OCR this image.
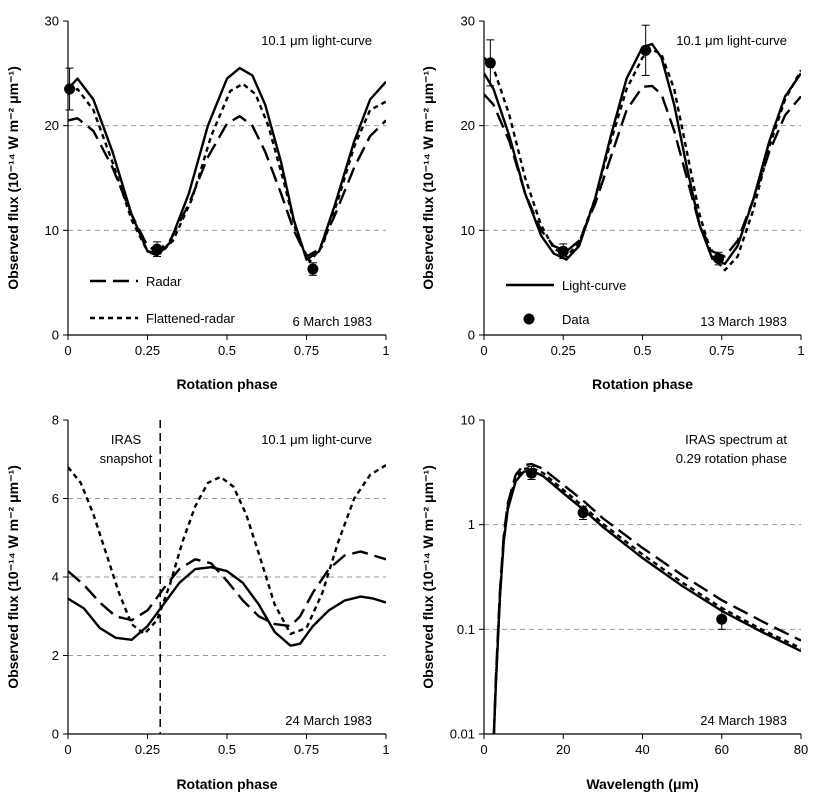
0	0.25	0.5	0.75	1
0
10
20
30
Rotation phase
Observed flux (10⁻¹⁴ W m⁻² μm⁻¹)
10.1 μm light-curve
6 March 1983
Radar
Flattened-radar
0	0.25	0.5	0.75	1
0
10
20
30
Rotation phase
Observed flux (10⁻¹⁴ W m⁻² μm⁻¹)
10.1 μm light-curve
13 March 1983
Light-curve
Data
0	0.25	0.5	0.75	1
0
2
4
6
8
Rotation phase
Observed flux (10⁻¹⁴ W m⁻² μm⁻¹)
10.1 μm light-curve
24 March 1983
IRAS
snapshot
0	20	40	60	80
0.01
0.1
1
10
Wavelength (μm)
Observed flux (10⁻¹⁴ W m⁻² μm⁻¹)
IRAS spectrum at
0.29 rotation phase
24 March 1983
